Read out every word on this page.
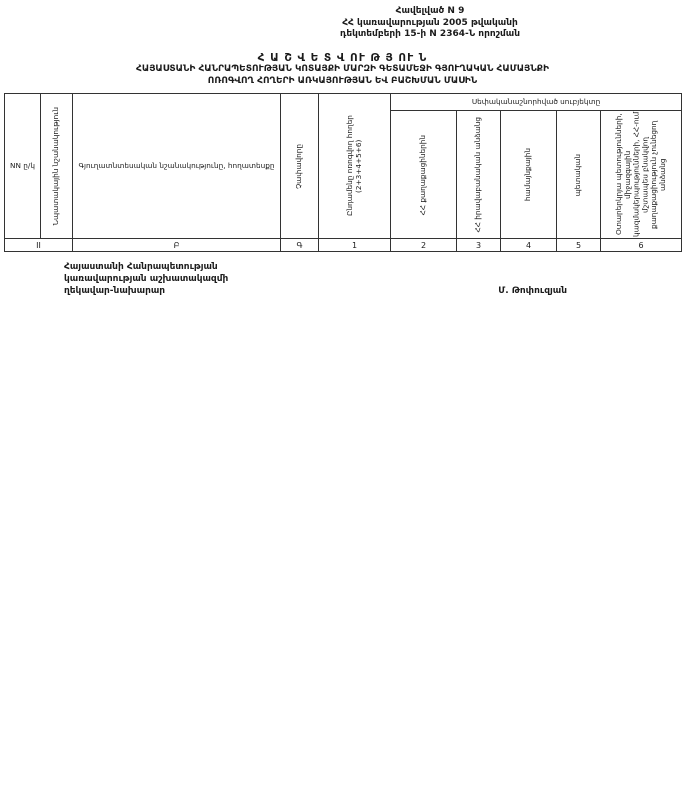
Հավելված N 9
ՀՀ կառավարության 2005 թվականի
դեկտեմբերի 15-ի N 2364-Ն որոշման
Հ Ա Շ Վ Ե Տ Վ ՈՒ Թ Յ ՈՒ Ն
ՀԱՅԱՍՏԱՆԻ ՀԱՆՐԱՊԵՏՈՒԹՅԱՆ ԿՈՏԱՅՔԻ ՄԱՐԶԻ ԳԵՏԱՄԵՋԻ ԳՅՈՒՂԱԿԱՆ ՀԱՄԱՅՆՔԻ
ՈՌՈԳՎՈՂ ՀՈՂԵՐԻ ԱՌԿԱՅՈՒԹՅԱՆ ԵՎ ԲԱՇԽՄԱՆ ՄԱՍԻՆ
NN ը/կ	Նպատակային նշանակություն	Գյուղատնտեսական նշանակությունը, հողատեսքը	Չափավորը	Ընդամենը ոռոգվող հողեր (2+3+4+5+6)	Սեփականաշնորհված սուբյեկտը				

					ՀՀ քաղաքացիներին	ՀՀ իրավաբանական անձանց	համայնքային	պետական	Օտարերկրյա պետությունների, միջազգային կազմակերպությունների, ՀՀ-ում մշտապես բնակվող քաղաքացիություն չունեցող անձանց

II		Բ	Գ	1	2	3	4	5	6
Հայաստանի Հանրապետության
կառավարության աշխատակազմի
ղեկավար-նախարար	Մ. Թոփուզյան
